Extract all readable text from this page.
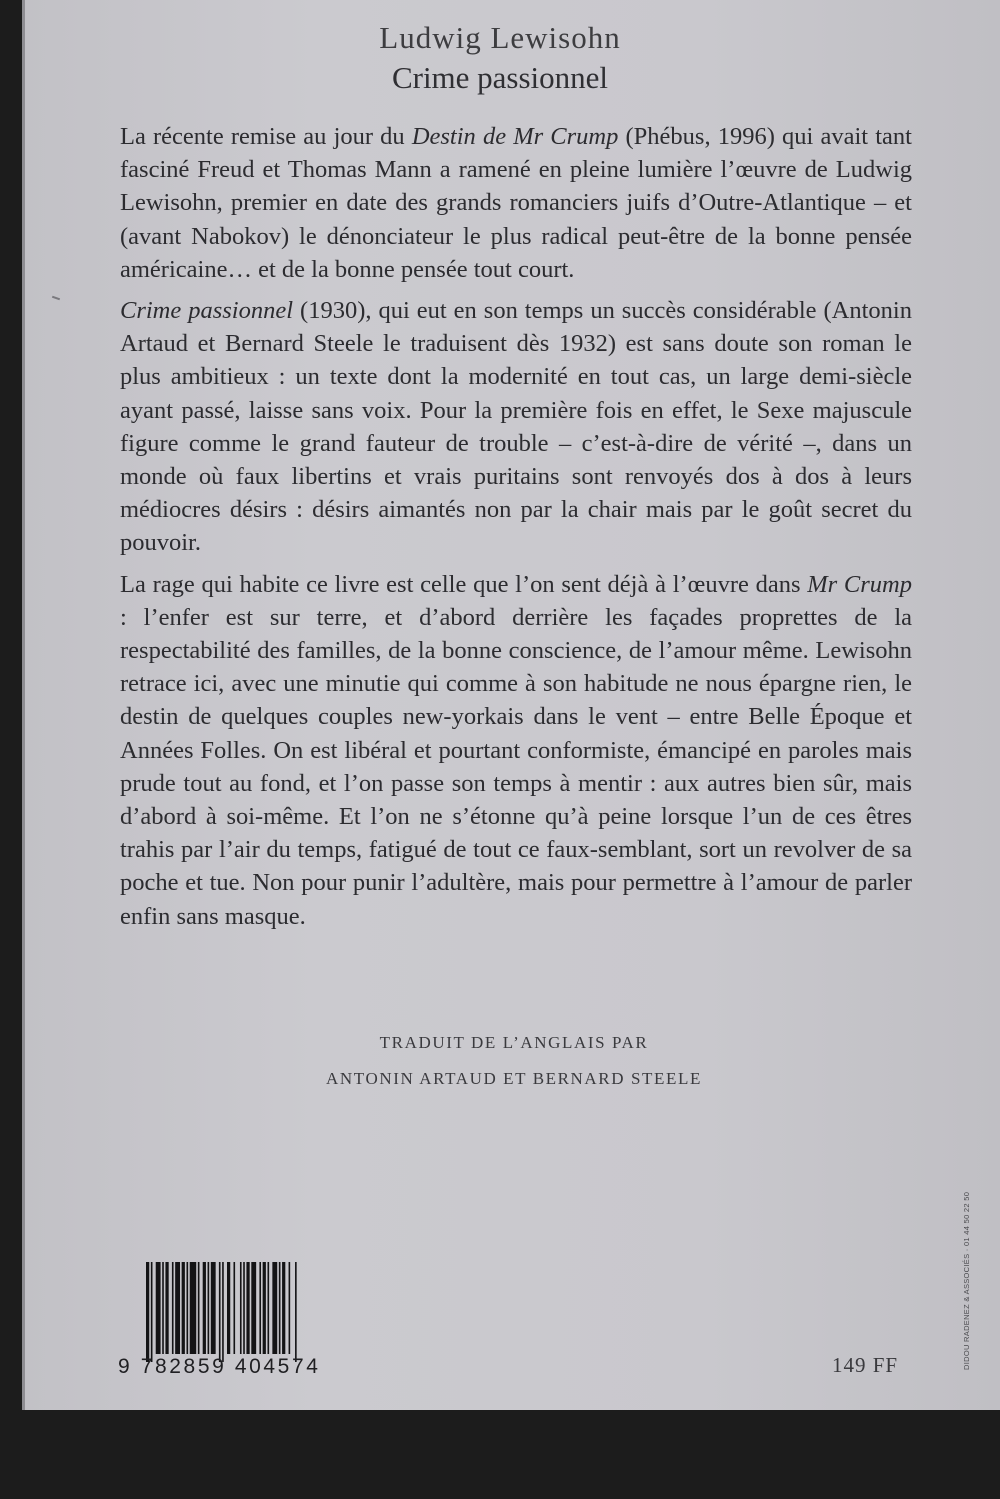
Ludwig Lewisohn
Crime passionnel

La récente remise au jour du Destin de Mr Crump (Phébus, 1996) qui avait tant fasciné Freud et Thomas Mann a ramené en pleine lumière l’œuvre de Ludwig Lewisohn, premier en date des grands romanciers juifs d’Outre-Atlantique – et (avant Nabokov) le dénonciateur le plus radical peut-être de la bonne pensée américaine… et de la bonne pensée tout court.

Crime passionnel (1930), qui eut en son temps un succès considérable (Antonin Artaud et Bernard Steele le traduisent dès 1932) est sans doute son roman le plus ambitieux : un texte dont la modernité en tout cas, un large demi-siècle ayant passé, laisse sans voix. Pour la première fois en effet, le Sexe majuscule figure comme le grand fauteur de trouble – c’est-à-dire de vérité –, dans un monde où faux libertins et vrais puritains sont renvoyés dos à dos à leurs médiocres désirs : désirs aimantés non par la chair mais par le goût secret du pouvoir.

La rage qui habite ce livre est celle que l’on sent déjà à l’œuvre dans Mr Crump : l’enfer est sur terre, et d’abord derrière les façades proprettes de la respectabilité des familles, de la bonne conscience, de l’amour même. Lewisohn retrace ici, avec une minutie qui comme à son habitude ne nous épargne rien, le destin de quelques couples new-yorkais dans le vent – entre Belle Époque et Années Folles. On est libéral et pourtant conformiste, émancipé en paroles mais prude tout au fond, et l’on passe son temps à mentir : aux autres bien sûr, mais d’abord à soi-même. Et l’on ne s’étonne qu’à peine lorsque l’un de ces êtres trahis par l’air du temps, fatigué de tout ce faux-semblant, sort un revolver de sa poche et tue. Non pour punir l’adultère, mais pour permettre à l’amour de parler enfin sans masque.

TRADUIT DE L’ANGLAIS PAR
ANTONIN ARTAUD ET BERNARD STEELE
9 782859 404574	149 FF	DIDOU RADENEZ & ASSOCIÉS · 01 44 50 22 50
